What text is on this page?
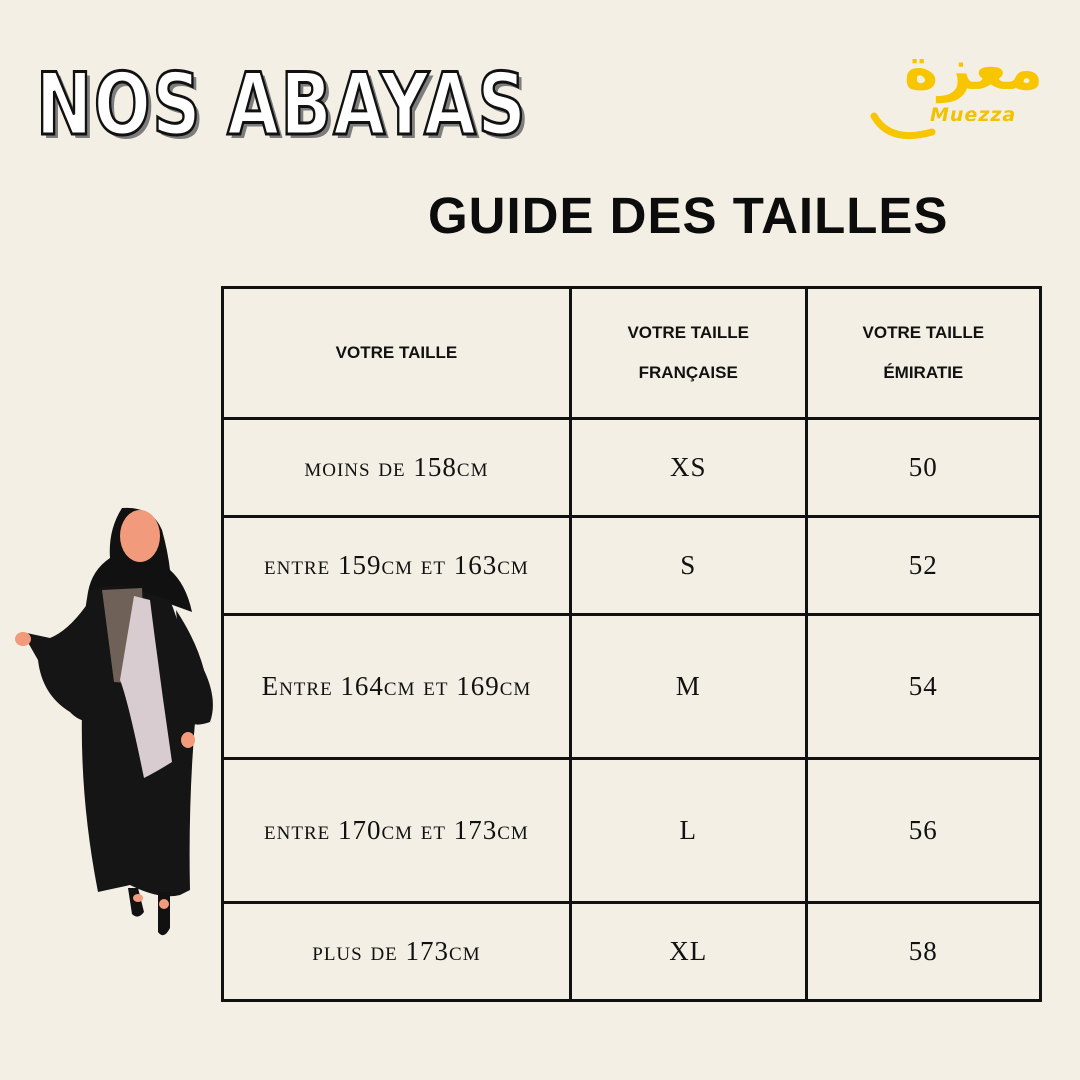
NOS ABAYAS	معزة
Muezza
GUIDE DES TAILLES
VOTRE TAILLE	VOTRE TAILLE FRANÇAISE	VOTRE TAILLE ÉMIRATIE
moins de 158cm	XS	50
entre 159cm et 163cm	S	52
Entre 164cm et 169cm	M	54
entre 170cm et 173cm	L	56
plus de 173cm	XL	58
